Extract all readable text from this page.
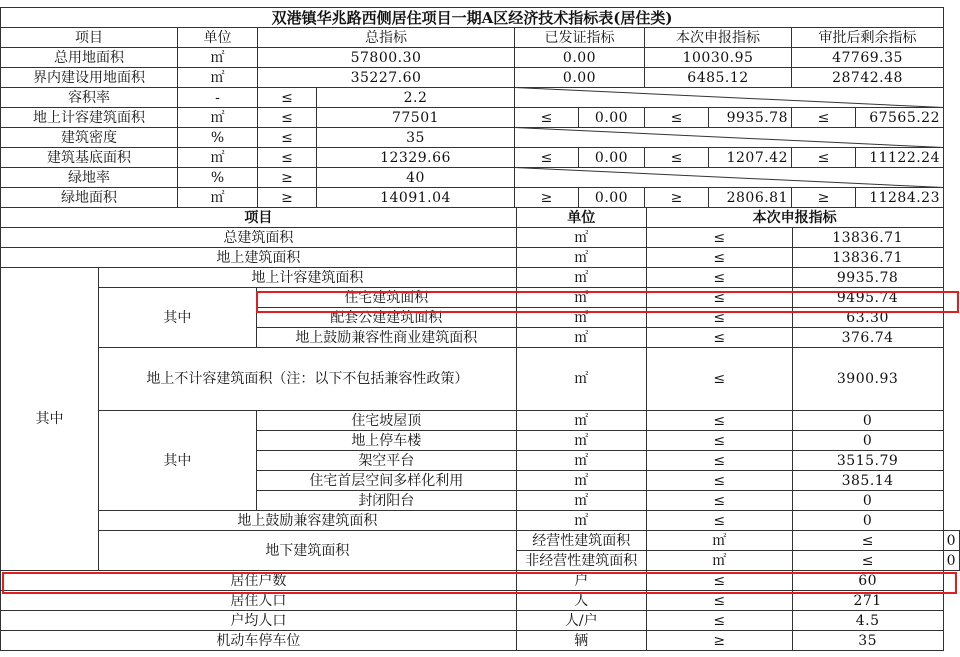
双港镇华兆路西侧居住项目一期A区经济技术指标表(居住类)									
项目	单位	总指标		已发证指标		本次申报指标		审批后剩余指标	
总用地面积	㎡	57800.30		0.00		10030.95		47769.35	
界内建设用地面积	㎡	35227.60		0.00		6485.12		28742.48	
容积率	-	≤	2.2						
地上计容建筑面积	㎡	≤	77501	≤	0.00	≤	9935.78	≤	67565.22
建筑密度	%	≤	35						
建筑基底面积	㎡	≤	12329.66	≤	0.00	≤	1207.42	≤	11122.24
绿地率	%	≥	40						
绿地面积	㎡	≥	14091.04	≥	0.00	≥	2806.81	≥	11284.23
项目			单位	本次申报指标		
总建筑面积			㎡	≤	13836.71	
地上建筑面积			㎡	≤	13836.71	
其中	地上计容建筑面积		㎡	≤	9935.78	
	其中	住宅建筑面积	㎡	≤	9495.74	
		配套公建建筑面积	㎡	≤	63.30	
		地上鼓励兼容性商业建筑面积	㎡	≤	376.74	
	地上不计容建筑面积（注：以下不包括兼容性政策）		㎡	≤	3900.93	
	其中	住宅坡屋顶	㎡	≤	0	
		地上停车楼	㎡	≤	0	
		架空平台	㎡	≤	3515.79	
		住宅首层空间多样化利用	㎡	≤	385.14	
		封闭阳台	㎡	≤	0	
	地上鼓励兼容建筑面积		㎡	≤	0	
	地下建筑面积		经营性建筑面积	㎡	≤	0
			非经营性建筑面积	㎡	≤	0
居住户数			户	≤	60	
居住人口			人	≤	271	
户均人口			人/户	≤	4.5	
机动车停车位			辆	≥	35	
